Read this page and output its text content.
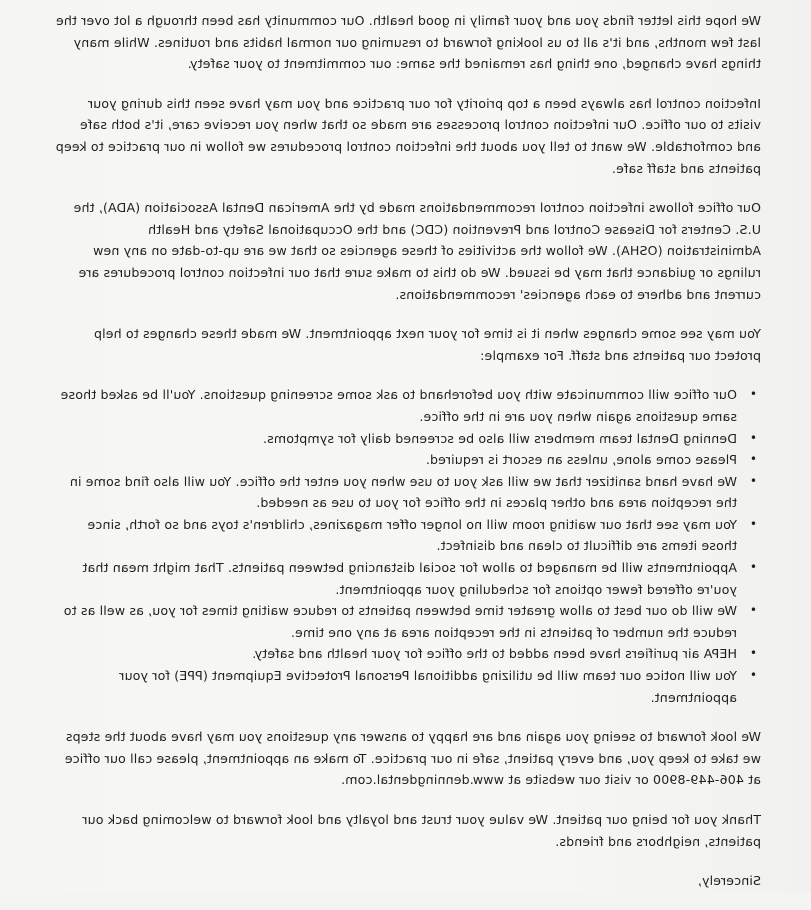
We hope this letter finds you and your family in good health. Our community has been through a lot over the last few months, and it's all to us looking forward to resuming our normal habits and routines. While many things have changed, one thing has remained the same: our commitment to your safety.

Infection control has always been a top priority for our practice and you may have seen this during your visits to our office. Our infection control processes are made so that when you receive care, it's both safe and comfortable. We want to tell you about the infection control procedures we follow in our practice to keep patients and staff safe.

Our office follows infection control recommendations made by the American Dental Association (ADA), the U.S. Centers for Disease Control and Prevention (CDC) and the Occupational Safety and Health Administration (OSHA). We follow the activities of these agencies so that we are up-to-date on any new rulings or guidance that may be issued. We do this to make sure that our infection control procedures are current and adhere to each agencies' recommendations.

You may see some changes when it is time for your next appointment. We made these changes to help protect our patients and staff. For example:

•
Our office will communicate with you beforehand to ask some screening questions. You'll be asked those same questions again when you are in the office.
•
Denning Dental team members will also be screened daily for symptoms.
•
Please come alone, unless an escort is required.
•
We have hand sanitizer that we will ask you to use when you enter the office. You will also find some in the reception area and other places in the office for you to use as needed.
•
You may see that our waiting room will no longer offer magazines, children's toys and so forth, since those items are difficult to clean and disinfect.
•
Appointments will be managed to allow for social distancing between patients. That might mean that you're offered fewer options for scheduling your appointment.
•
We will do our best to allow greater time between patients to reduce waiting times for you, as well as to reduce the number of patients in the reception area at any one time.
•
HEPA air purifiers have been added to the office for your health and safety.
•
You will notice our team will be utilizing additional Personal Protective Equipment (PPE) for your appointment.

We look forward to seeing you again and are happy to answer any questions you may have about the steps we take to keep you, and every patient, safe in our practice. To make an appointment, please call our office at 406-449-8900 or visit our website at www.denningdental.com.

Thank you for being our patient. We value your trust and loyalty and look forward to welcoming back our patients, neighbors and friends.

Sincerely,
